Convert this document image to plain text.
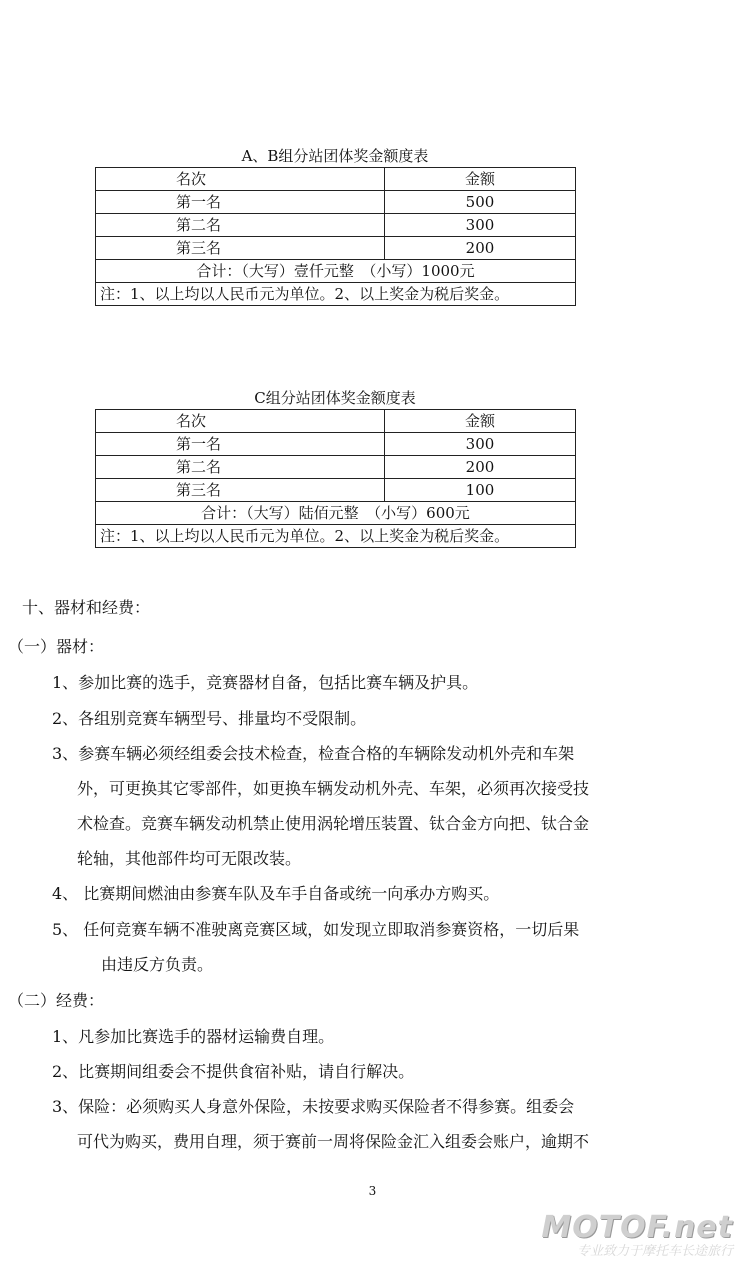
A、B组分站团体奖金额度表
名次	金额
第一名	500
第二名	300
第三名	200
合计：（大写）壹仟元整　（小写）1000元	
注：1、以上均以人民币元为单位。2、以上奖金为税后奖金。	
C组分站团体奖金额度表
名次	金额
第一名	300
第二名	200
第三名	100
合计：（大写）陆佰元整　（小写）600元	
注：1、以上均以人民币元为单位。2、以上奖金为税后奖金。	
十、器材和经费：
（一）器材：
1、参加比赛的选手，竞赛器材自备，包括比赛车辆及护具。
2、各组别竞赛车辆型号、排量均不受限制。
3、参赛车辆必须经组委会技术检查，检查合格的车辆除发动机外壳和车架
外，可更换其它零部件，如更换车辆发动机外壳、车架，必须再次接受技
术检查。竞赛车辆发动机禁止使用涡轮增压装置、钛合金方向把、钛合金
轮轴，其他部件均可无限改装。
4、 比赛期间燃油由参赛车队及车手自备或统一向承办方购买。
5、 任何竞赛车辆不准驶离竞赛区域，如发现立即取消参赛资格，一切后果
由违反方负责。
（二）经费：
1、凡参加比赛选手的器材运输费自理。
2、比赛期间组委会不提供食宿补贴，请自行解决。
3、保险：必须购买人身意外保险，未按要求购买保险者不得参赛。组委会
可代为购买，费用自理，须于赛前一周将保险金汇入组委会账户，逾期不
3
MOTOF.net
专业致力于摩托车长途旅行
